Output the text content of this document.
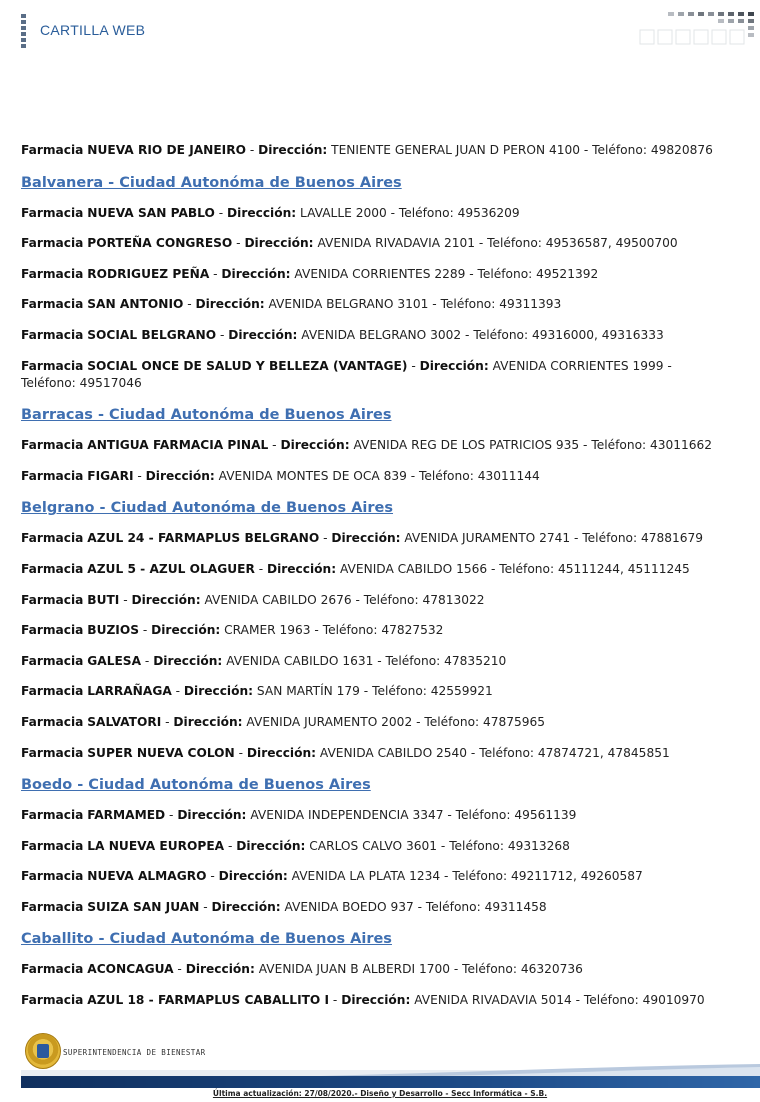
CARTILLA WEB
Farmacia NUEVA RIO DE JANEIRO - Dirección: TENIENTE GENERAL JUAN D PERON 4100 - Teléfono: 49820876
Balvanera - Ciudad Autonóma de Buenos Aires
Farmacia NUEVA SAN PABLO - Dirección: LAVALLE 2000 - Teléfono: 49536209
Farmacia PORTEÑA CONGRESO - Dirección: AVENIDA RIVADAVIA 2101 - Teléfono: 49536587, 49500700
Farmacia RODRIGUEZ PEÑA - Dirección: AVENIDA CORRIENTES 2289 - Teléfono: 49521392
Farmacia SAN ANTONIO - Dirección: AVENIDA BELGRANO 3101 - Teléfono: 49311393
Farmacia SOCIAL BELGRANO - Dirección: AVENIDA BELGRANO 3002 - Teléfono: 49316000, 49316333
Farmacia SOCIAL ONCE DE SALUD Y BELLEZA (VANTAGE) - Dirección: AVENIDA CORRIENTES 1999 - Teléfono: 49517046
Barracas - Ciudad Autonóma de Buenos Aires
Farmacia ANTIGUA FARMACIA PINAL - Dirección: AVENIDA REG DE LOS PATRICIOS 935 - Teléfono: 43011662
Farmacia FIGARI - Dirección: AVENIDA MONTES DE OCA 839 - Teléfono: 43011144
Belgrano - Ciudad Autonóma de Buenos Aires
Farmacia AZUL 24 - FARMAPLUS BELGRANO - Dirección: AVENIDA JURAMENTO 2741 - Teléfono: 47881679
Farmacia AZUL 5 - AZUL OLAGUER - Dirección: AVENIDA CABILDO 1566 - Teléfono: 45111244, 45111245
Farmacia BUTI - Dirección: AVENIDA CABILDO 2676 - Teléfono: 47813022
Farmacia BUZIOS - Dirección: CRAMER 1963 - Teléfono: 47827532
Farmacia GALESA - Dirección: AVENIDA CABILDO 1631 - Teléfono: 47835210
Farmacia LARRAÑAGA - Dirección: SAN MARTÍN 179 - Teléfono: 42559921
Farmacia SALVATORI - Dirección: AVENIDA JURAMENTO 2002 - Teléfono: 47875965
Farmacia SUPER NUEVA COLON - Dirección: AVENIDA CABILDO 2540 - Teléfono: 47874721, 47845851
Boedo - Ciudad Autonóma de Buenos Aires
Farmacia FARMAMED - Dirección: AVENIDA INDEPENDENCIA 3347 - Teléfono: 49561139
Farmacia LA NUEVA EUROPEA - Dirección: CARLOS CALVO 3601 - Teléfono: 49313268
Farmacia NUEVA ALMAGRO - Dirección: AVENIDA LA PLATA 1234 - Teléfono: 49211712, 49260587
Farmacia SUIZA SAN JUAN - Dirección: AVENIDA BOEDO 937 - Teléfono: 49311458
Caballito - Ciudad Autonóma de Buenos Aires
Farmacia ACONCAGUA - Dirección: AVENIDA JUAN B ALBERDI 1700 - Teléfono: 46320736
Farmacia AZUL 18 - FARMAPLUS CABALLITO I - Dirección: AVENIDA RIVADAVIA 5014 - Teléfono: 49010970
SUPERINTENDENCIA DE BIENESTAR
Última actualización: 27/08/2020.- Diseño y Desarrollo - Secc Informática - S.B.
